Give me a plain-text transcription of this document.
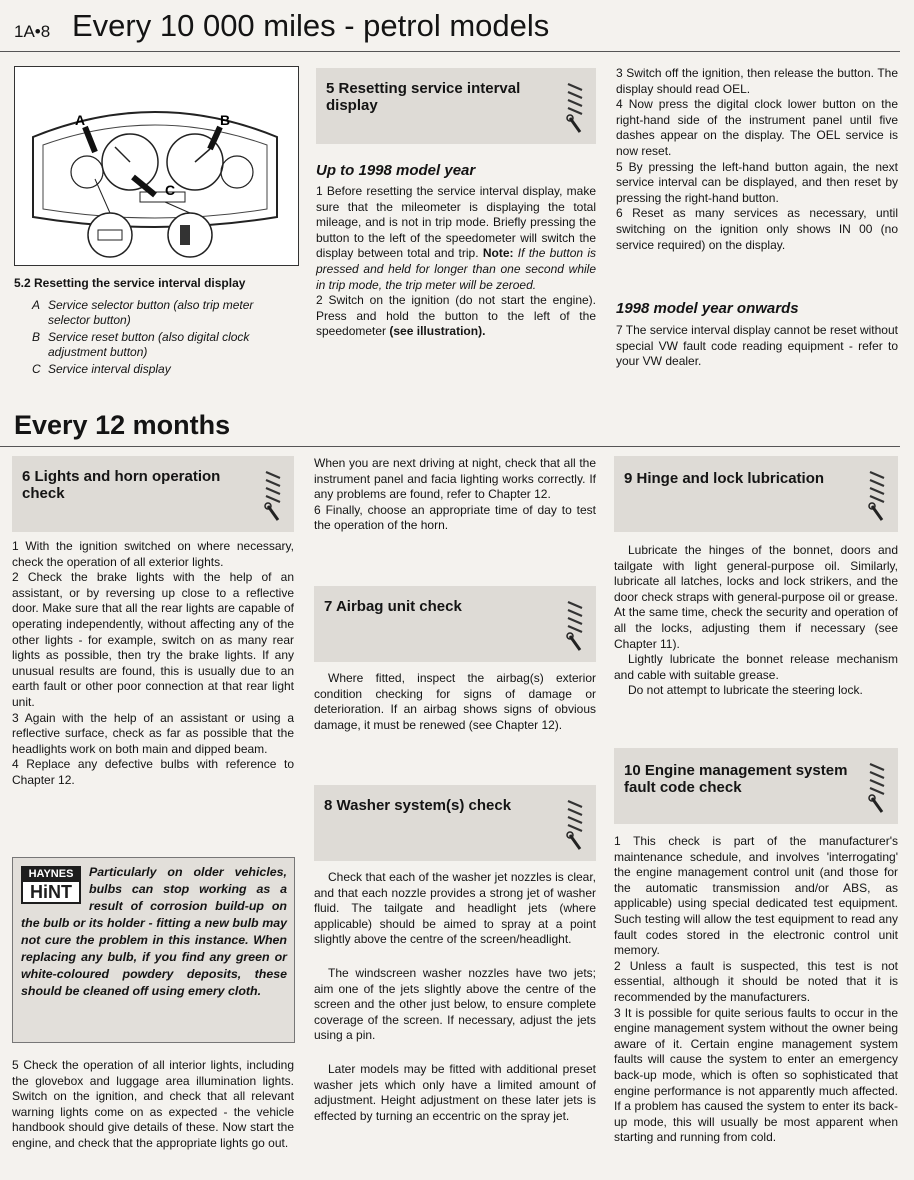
1A•8 Every 10 000 miles - petrol models
A	B
C
5.2 Resetting the service interval display
A Service selector button (also trip meter selector button)
B Service reset button (also digital clock adjustment button)
C Service interval display
5 Resetting service interval display
Up to 1998 model year

1 Before resetting the service interval display, make sure that the mileometer is displaying the total mileage, and is not in trip mode. Briefly pressing the button to the left of the speedometer will switch the display between total and trip. Note: If the button is pressed and held for longer than one second while in trip mode, the trip meter will be zeroed.

2 Switch on the ignition (do not start the engine). Press and hold the button to the left of the speedometer (see illustration).

3 Switch off the ignition, then release the button. The display should read OEL.

4 Now press the digital clock lower button on the right-hand side of the instrument panel until five dashes appear on the display. The OEL service is now reset.

5 By pressing the left-hand button again, the next service interval can be displayed, and then reset by pressing the right-hand button.

6 Reset as many services as necessary, until switching on the ignition only shows IN 00 (no service required) on the display.

1998 model year onwards

7 The service interval display cannot be reset without special VW fault code reading equipment - refer to your VW dealer.

Every 12 months
6 Lights and horn operation check

1 With the ignition switched on where necessary, check the operation of all exterior lights.

2 Check the brake lights with the help of an assistant, or by reversing up close to a reflective door. Make sure that all the rear lights are capable of operating independently, without affecting any of the other lights - for example, switch on as many rear lights as possible, then try the brake lights. If any unusual results are found, this is usually due to an earth fault or other poor connection at that rear light unit.

3 Again with the help of an assistant or using a reflective surface, check as far as possible that the headlights work on both main and dipped beam.

4 Replace any defective bulbs with reference to Chapter 12.

HAYNES
HiNT
Particularly on older vehicles, bulbs can stop working as a result of corrosion build-up on the bulb or its holder - fitting a new bulb may not cure the problem in this instance. When replacing any bulb, if you find any green or white-coloured powdery deposits, these should be cleaned off using emery cloth.

5 Check the operation of all interior lights, including the glovebox and luggage area illumination lights. Switch on the ignition, and check that all relevant warning lights come on as expected - the vehicle handbook should give details of these. Now start the engine, and check that the appropriate lights go out.

When you are next driving at night, check that all the instrument panel and facia lighting works correctly. If any problems are found, refer to Chapter 12.

6 Finally, choose an appropriate time of day to test the operation of the horn.

7 Airbag unit check

Where fitted, inspect the airbag(s) exterior condition checking for signs of damage or deterioration. If an airbag shows signs of obvious damage, it must be renewed (see Chapter 12).

8 Washer system(s) check

Check that each of the washer jet nozzles is clear, and that each nozzle provides a strong jet of washer fluid. The tailgate and headlight jets (where applicable) should be aimed to spray at a point slightly above the centre of the screen/headlight.

The windscreen washer nozzles have two jets; aim one of the jets slightly above the centre of the screen and the other just below, to ensure complete coverage of the screen. If necessary, adjust the jets using a pin.

Later models may be fitted with additional preset washer jets which only have a limited amount of adjustment. Height adjustment on these later jets is effected by turning an eccentric on the spray jet.

9 Hinge and lock lubrication

Lubricate the hinges of the bonnet, doors and tailgate with light general-purpose oil. Similarly, lubricate all latches, locks and lock strikers, and the door check straps with general-purpose oil or grease. At the same time, check the security and operation of all the locks, adjusting them if necessary (see Chapter 11).

Lightly lubricate the bonnet release mechanism and cable with suitable grease.

Do not attempt to lubricate the steering lock.

10 Engine management system fault code check

1 This check is part of the manufacturer's maintenance schedule, and involves 'interrogating' the engine management control unit (and those for the automatic transmission and/or ABS, as applicable) using special dedicated test equipment. Such testing will allow the test equipment to read any fault codes stored in the electronic control unit memory.

2 Unless a fault is suspected, this test is not essential, although it should be noted that it is recommended by the manufacturers.

3 It is possible for quite serious faults to occur in the engine management system without the owner being aware of it. Certain engine management system faults will cause the system to enter an emergency back-up mode, which is often so sophisticated that engine performance is not apparently much affected. If a problem has caused the system to enter its back-up mode, this will usually be most apparent when starting and running from cold.
